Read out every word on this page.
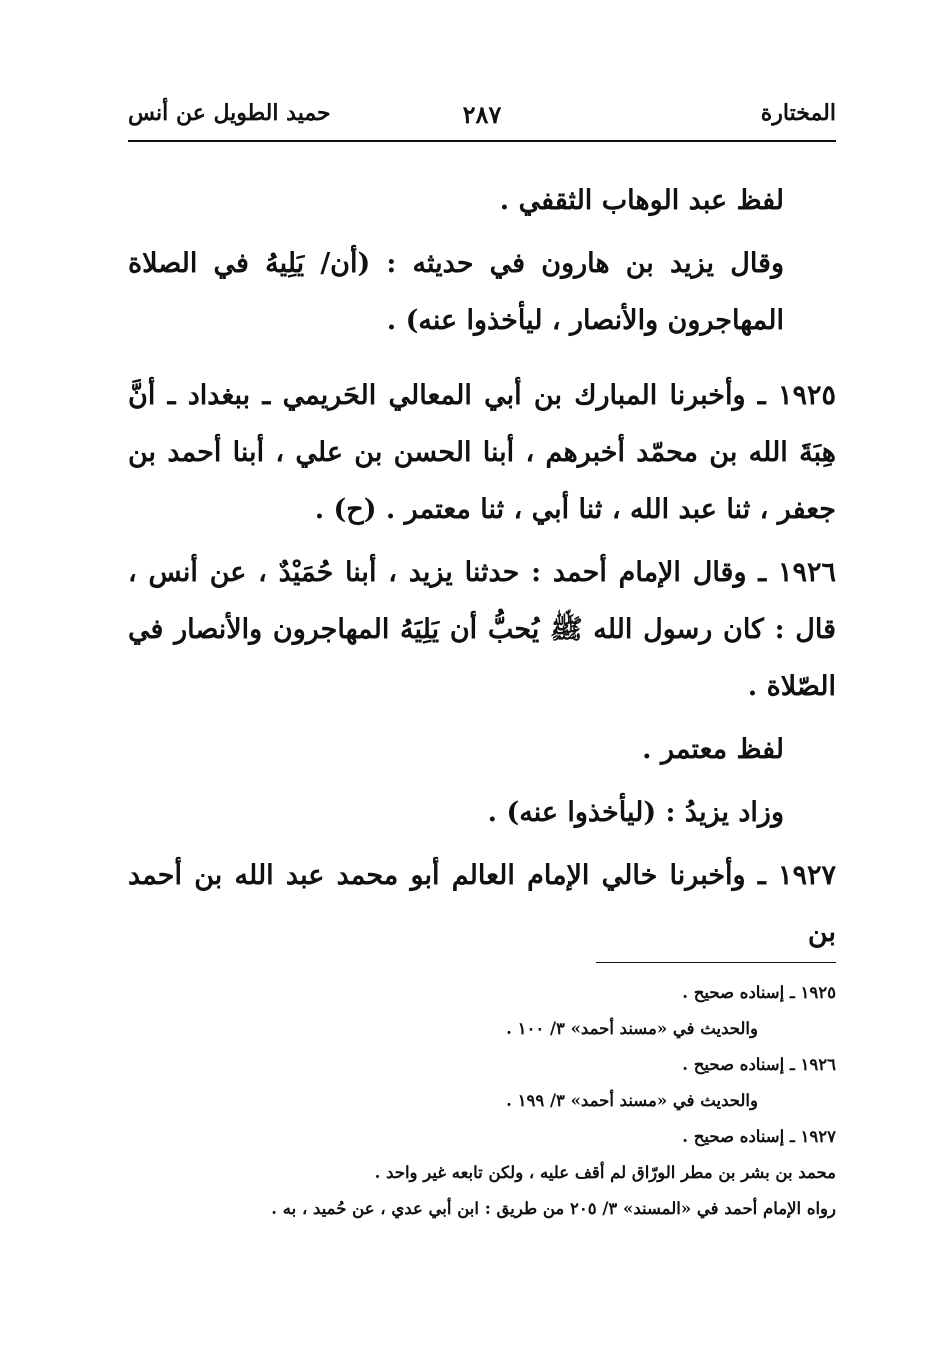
المختارة
٢٨٧
حميد الطويل عن أنس

لفظ عبد الوهاب الثقفي .

وقال يزيد بن هارون في حديثه : (أن/ يَلِيهُ في الصلاة المهاجرون والأنصار ، ليأخذوا عنه) .

١٩٢٥ ـ وأخبرنا المبارك بن أبي المعالي الحَريمي ـ ببغداد ـ أنَّ هِبَةَ الله بن محمّد أخبرهم ، أبنا الحسن بن علي ، أبنا أحمد بن جعفر ، ثنا عبد الله ، ثنا أبي ، ثنا معتمر . (ح) .

١٩٢٦ ـ وقال الإمام أحمد : حدثنا يزيد ، أبنا حُمَيْدٌ ، عن أنس ، قال : كان رسول الله ﷺ يُحبُّ أن يَلِيَهُ المهاجرون والأنصار في الصّلاة .

لفظ معتمر .

وزاد يزيدُ : (ليأخذوا عنه) .

١٩٢٧ ـ وأخبرنا خالي الإمام العالم أبو محمد عبد الله بن أحمد بن

١٩٢٥ ـ إسناده صحيح .

والحديث في «مسند أحمد» ٣/ ١٠٠ .

١٩٢٦ ـ إسناده صحيح .

والحديث في «مسند أحمد» ٣/ ١٩٩ .

١٩٢٧ ـ إسناده صحيح .

محمد بن بشر بن مطر الورّاق لم أقف عليه ، ولكن تابعه غير واحد .

رواه الإمام أحمد في «المسند» ٣/ ٢٠٥ من طريق : ابن أبي عدي ، عن حُميد ، به .
